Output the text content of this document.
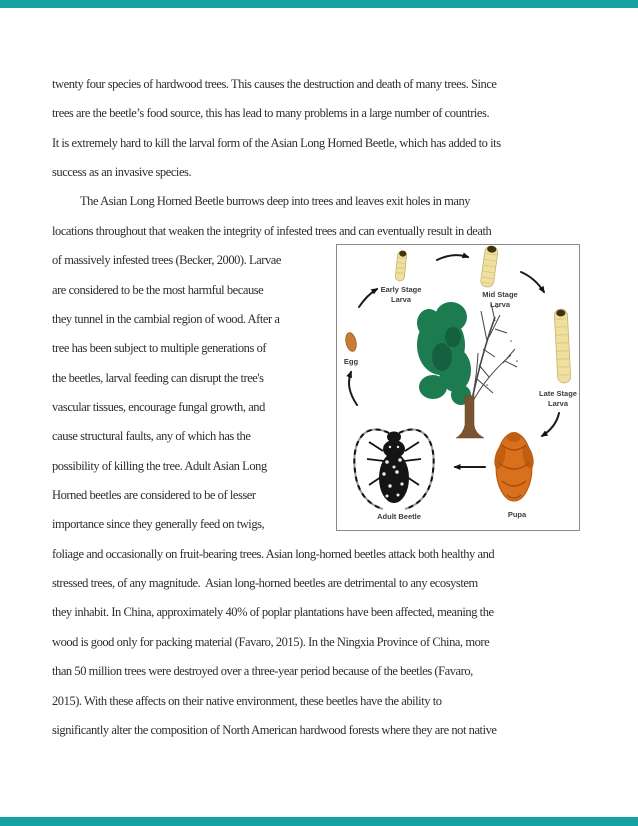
twenty four species of hardwood trees. This causes the destruction and death of many trees. Since
trees are the beetle’s food source, this has lead to many problems in a large number of countries.
It is extremely hard to kill the larval form of the Asian Long Horned Beetle, which has added to its
success as an invasive species.
The Asian Long Horned Beetle burrows deep into trees and leaves exit holes in many
locations throughout that weaken the integrity of infested trees and can eventually result in death
of massively infested trees (Becker, 2000). Larvae
are considered to be the most harmful because
they tunnel in the cambial region of wood. After a
tree has been subject to multiple generations of
the beetles, larval feeding can disrupt the tree's
vascular tissues, encourage fungal growth, and
cause structural faults, any of which has the
possibility of killing the tree. Adult Asian Long
Horned beetles are considered to be of lesser
importance since they generally feed on twigs,
foliage and occasionally on fruit-bearing trees. Asian long-horned beetles attack both healthy and
stressed trees, of any magnitude.  Asian long-horned beetles are detrimental to any ecosystem
they inhabit. In China, approximately 40% of poplar plantations have been affected, meaning the
wood is good only for packing material (Favaro, 2015). In the Ningxia Province of China, more
than 50 million trees were destroyed over a three-year period because of the beetles (Favaro,
2015). With these affects on their native environment, these beetles have the ability to
significantly alter the composition of North American hardwood forests where they are not native
Egg
Early Stage
Larva
Mid Stage
Larva
Late Stage
Larva
Pupa
Adult Beetle
